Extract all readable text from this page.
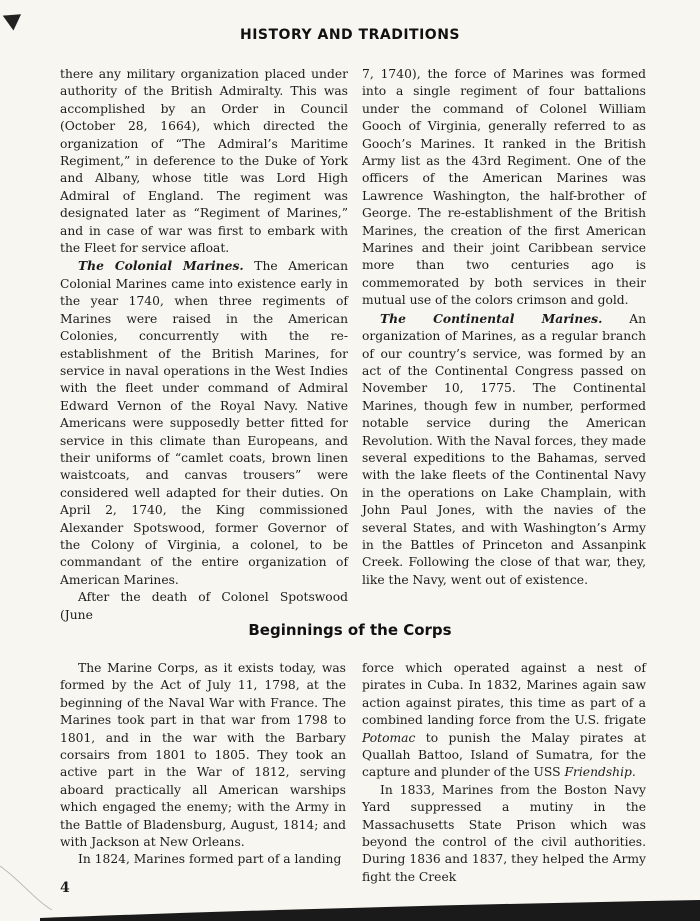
HISTORY AND TRADITIONS

there any military organization placed under authority of the British Admiralty. This was accomplished by an Order in Council (October 28, 1664), which directed the organization of “The Admiral’s Maritime Regiment,” in deference to the Duke of York and Albany, whose title was Lord High Admiral of England. The regiment was designated later as “Regiment of Marines,” and in case of war was first to embark with the Fleet for service afloat.

The Colonial Marines. The American Colonial Marines came into existence early in the year 1740, when three regiments of Marines were raised in the American Colonies, concurrently with the re-establishment of the British Marines, for service in naval operations in the West Indies with the fleet under command of Admiral Edward Vernon of the Royal Navy. Native Americans were supposedly better fitted for service in this climate than Europeans, and their uniforms of “camlet coats, brown linen waistcoats, and canvas trousers” were considered well adapted for their duties. On April 2, 1740, the King commissioned Alexander Spotswood, former Governor of the Colony of Virginia, a colonel, to be commandant of the entire organization of American Marines.

After the death of Colonel Spotswood (June

7, 1740), the force of Marines was formed into a single regiment of four battalions under the command of Colonel William Gooch of Virginia, generally referred to as Gooch’s Marines. It ranked in the British Army list as the 43rd Regiment. One of the officers of the American Marines was Lawrence Washington, the half-brother of George. The re-establishment of the British Marines, the creation of the first American Marines and their joint Caribbean service more than two centuries ago is commemorated by both services in their mutual use of the colors crimson and gold.

The Continental Marines. An organization of Marines, as a regular branch of our country’s service, was formed by an act of the Continental Congress passed on November 10, 1775. The Continental Marines, though few in number, performed notable service during the American Revolution. With the Naval forces, they made several expeditions to the Bahamas, served with the lake fleets of the Continental Navy in the operations on Lake Champlain, with John Paul Jones, with the navies of the several States, and with Washington’s Army in the Battles of Princeton and Assanpink Creek. Following the close of that war, they, like the Navy, went out of existence.

Beginnings of the Corps

The Marine Corps, as it exists today, was formed by the Act of July 11, 1798, at the beginning of the Naval War with France. The Marines took part in that war from 1798 to 1801, and in the war with the Barbary corsairs from 1801 to 1805. They took an active part in the War of 1812, serving aboard practically all American warships which engaged the enemy; with the Army in the Battle of Bladensburg, August, 1814; and with Jackson at New Orleans.

In 1824, Marines formed part of a landing

force which operated against a nest of pirates in Cuba. In 1832, Marines again saw action against pirates, this time as part of a combined landing force from the U.S. frigate Potomac to punish the Malay pirates at Quallah Battoo, Island of Sumatra, for the capture and plunder of the USS Friendship.

In 1833, Marines from the Boston Navy Yard suppressed a mutiny in the Massachusetts State Prison which was beyond the control of the civil authorities. During 1836 and 1837, they helped the Army fight the Creek

4
